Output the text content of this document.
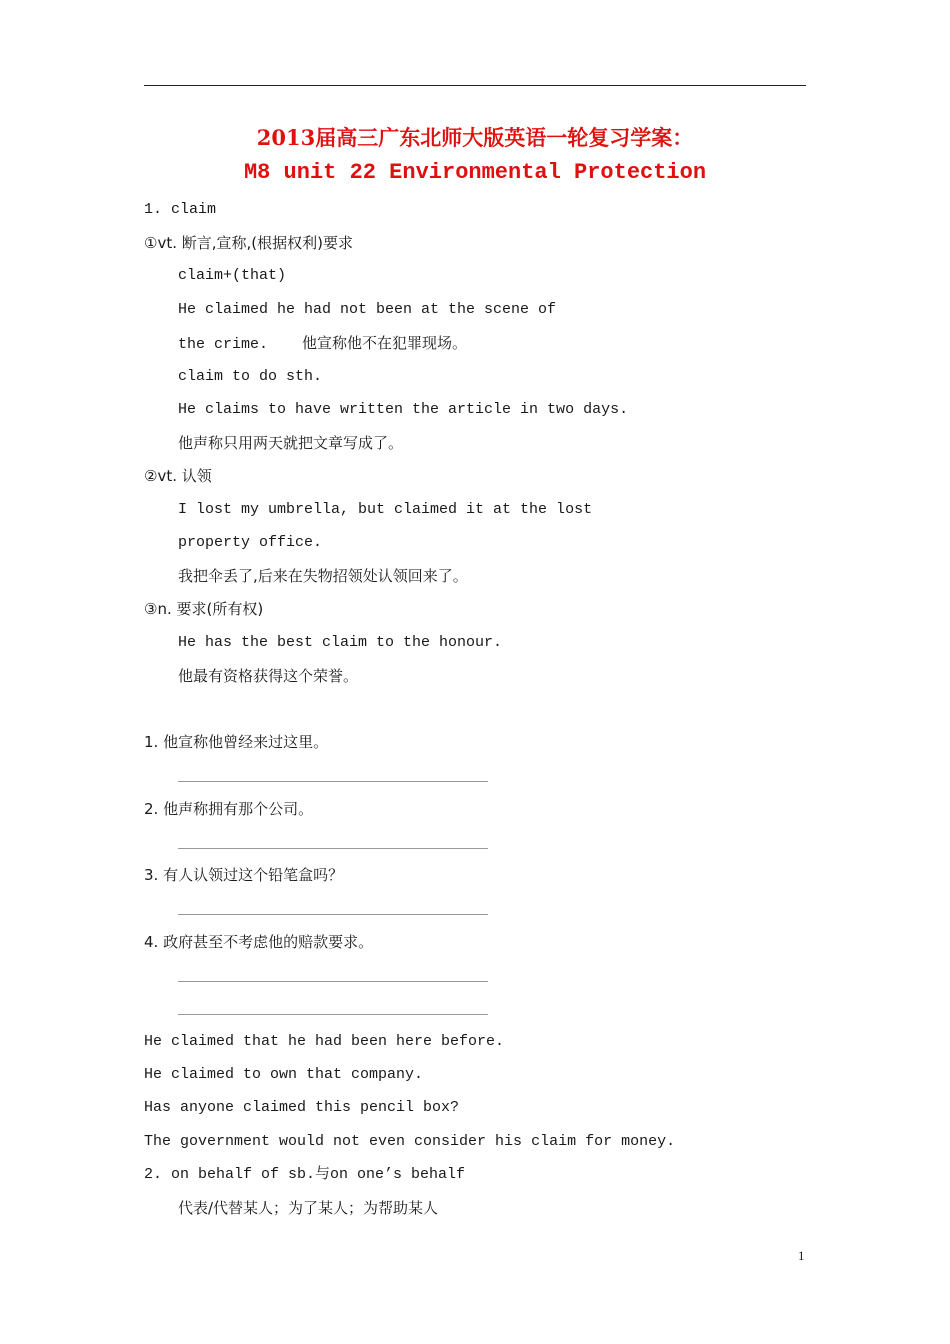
2013届高三广东北师大版英语一轮复习学案：
M8 unit 22 Environmental Protection
1. claim
①vt. 断言,宣称,(根据权利)要求
claim+(that)
He claimed he had not been at the scene of
the crime. 他宣称他不在犯罪现场。
claim to do sth.
He claims to have written the article in two days.
他声称只用两天就把文章写成了。
②vt. 认领
I lost my umbrella, but claimed it at the lost
property office.
我把伞丢了,后来在失物招领处认领回来了。
③n. 要求(所有权)
He has the best claim to the honour.
他最有资格获得这个荣誉。
1. 他宣称他曾经来过这里。
2. 他声称拥有那个公司。
3. 有人认领过这个铅笔盒吗？
4. 政府甚至不考虑他的赔款要求。
He claimed that he had been here before.
He claimed to own that company.
Has anyone claimed this pencil box?
The government would not even consider his claim for money.
2. on behalf of sb.与on one’s behalf
代表/代替某人；为了某人；为帮助某人
1
